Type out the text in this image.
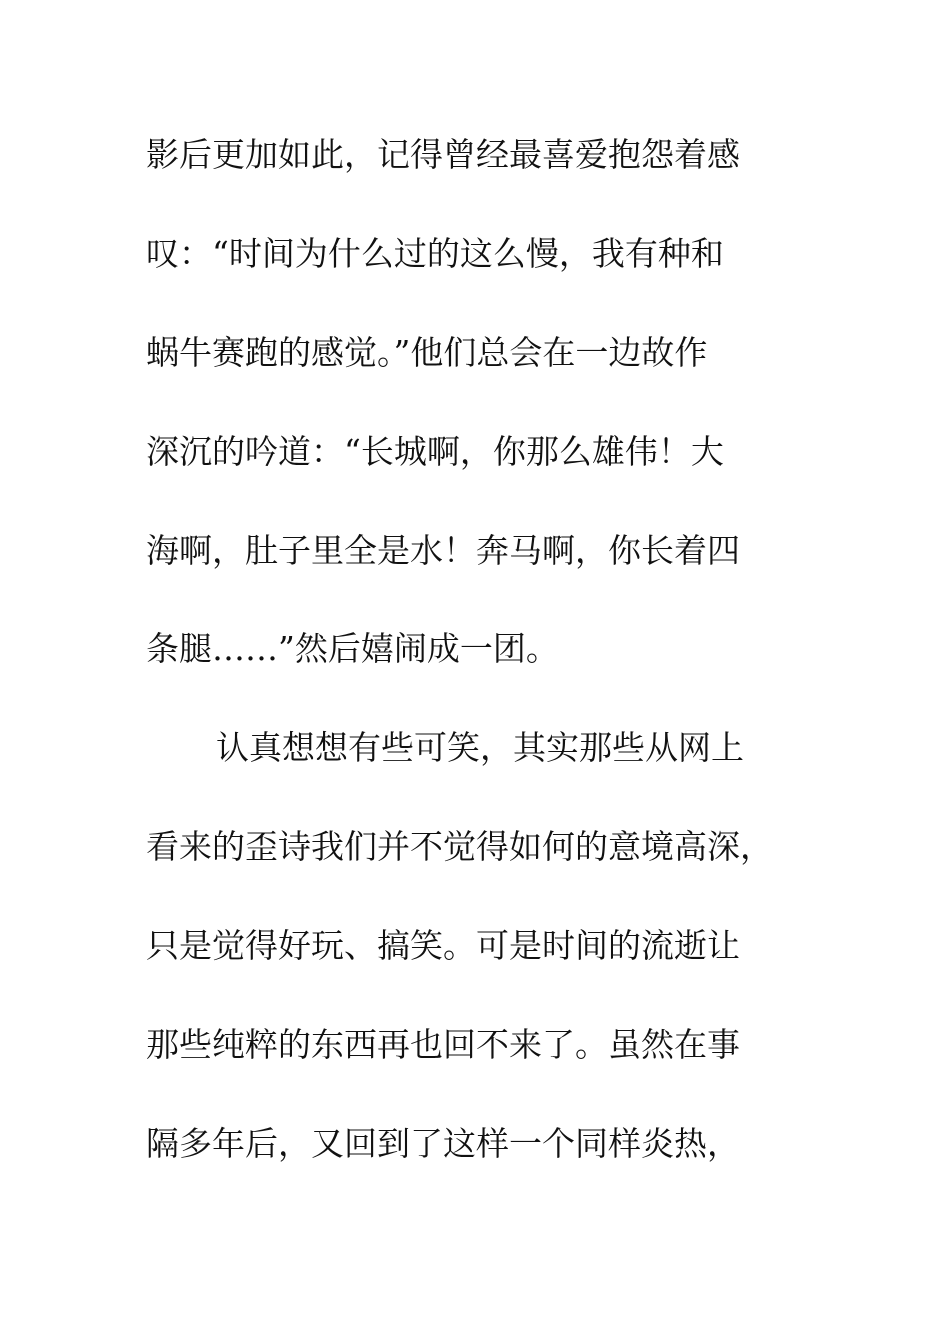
影后更加如此，记得曾经最喜爱抱怨着感
叹：“时间为什么过的这么慢，我有种和
蜗牛赛跑的感觉。”他们总会在一边故作
深沉的吟道：“长城啊，你那么雄伟！大
海啊，肚子里全是水！奔马啊，你长着四
条腿……”然后嬉闹成一团。
认真想想有些可笑，其实那些从网上
看来的歪诗我们并不觉得如何的意境高深，
只是觉得好玩、搞笑。可是时间的流逝让
那些纯粹的东西再也回不来了。虽然在事
隔多年后，又回到了这样一个同样炎热，
